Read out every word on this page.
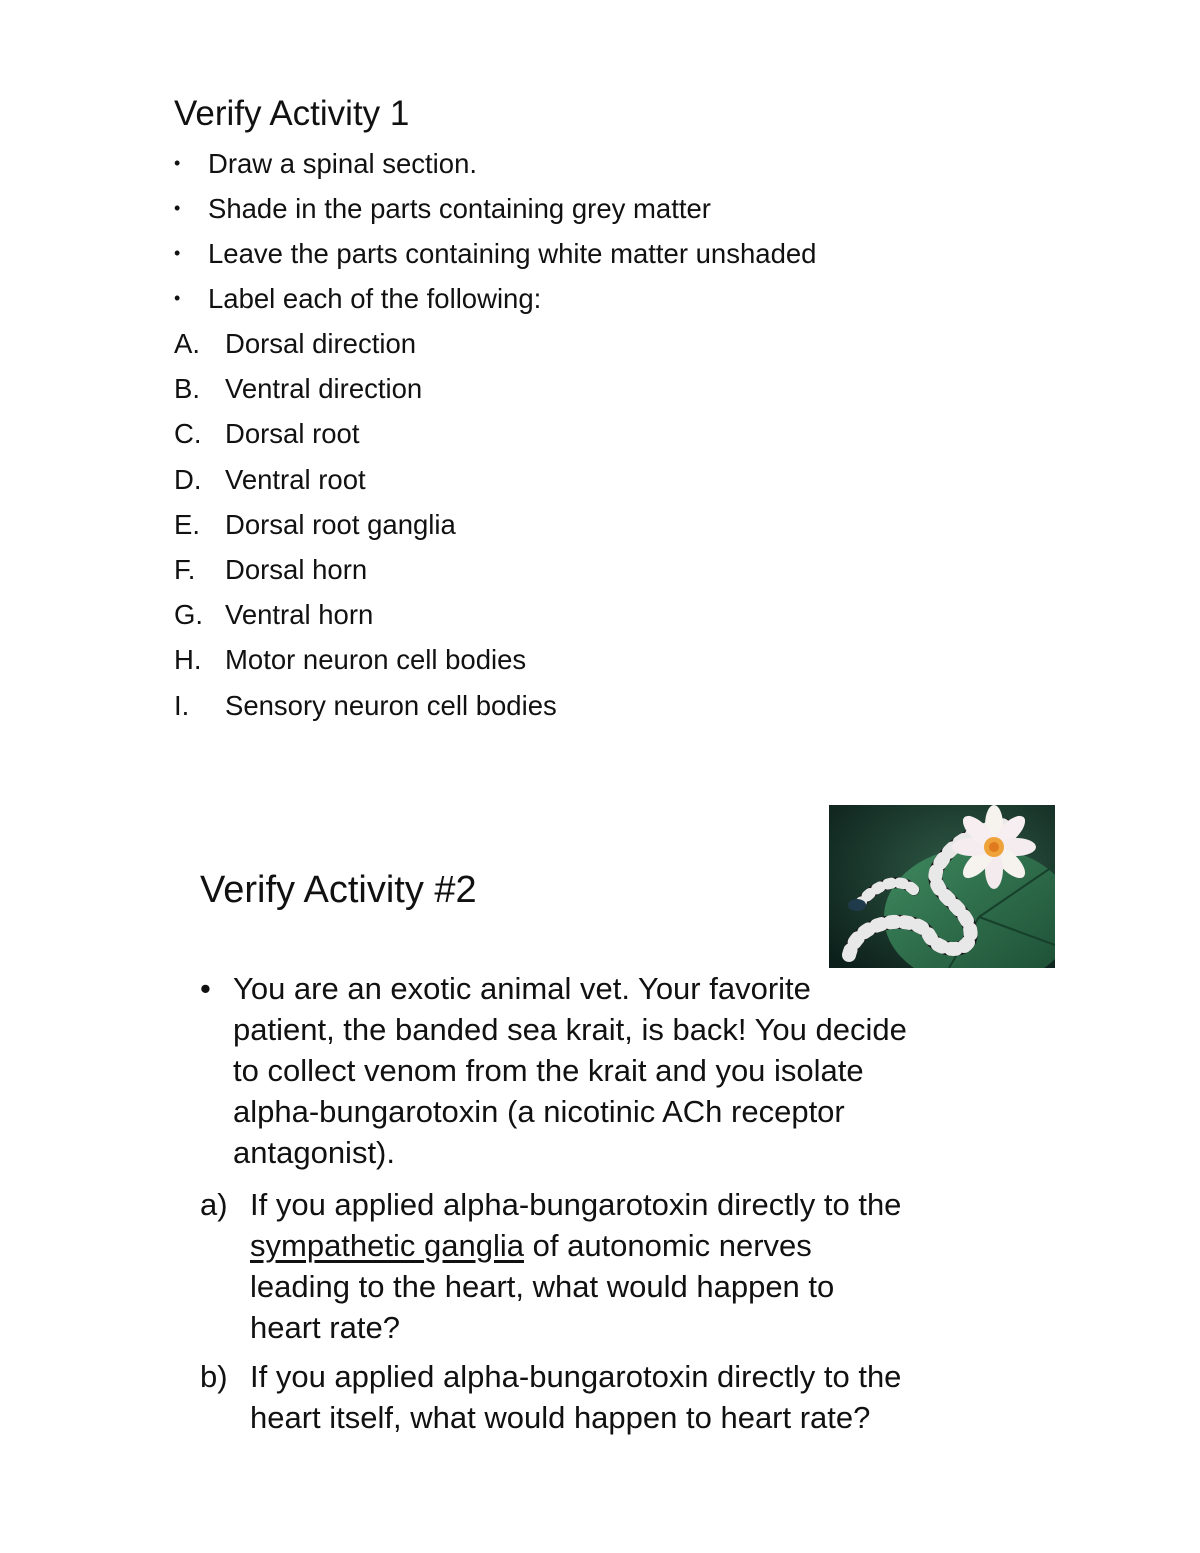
Verify Activity 1
• Draw a spinal section.
• Shade in the parts containing grey matter
• Leave the parts containing white matter unshaded
• Label each of the following:
A. Dorsal direction
B. Ventral direction
C. Dorsal root
D. Ventral root
E. Dorsal root ganglia
F. Dorsal horn
G. Ventral horn
H. Motor neuron cell bodies
I. Sensory neuron cell bodies
Verify Activity #2
• You are an exotic animal vet. Your favorite
patient, the banded sea krait, is back! You decide
to collect venom from the krait and you isolate
alpha-bungarotoxin (a nicotinic ACh receptor
antagonist).
a) If you applied alpha-bungarotoxin directly to the
sympathetic ganglia of autonomic nerves
leading to the heart, what would happen to
heart rate?
b) If you applied alpha-bungarotoxin directly to the
heart itself, what would happen to heart rate?
